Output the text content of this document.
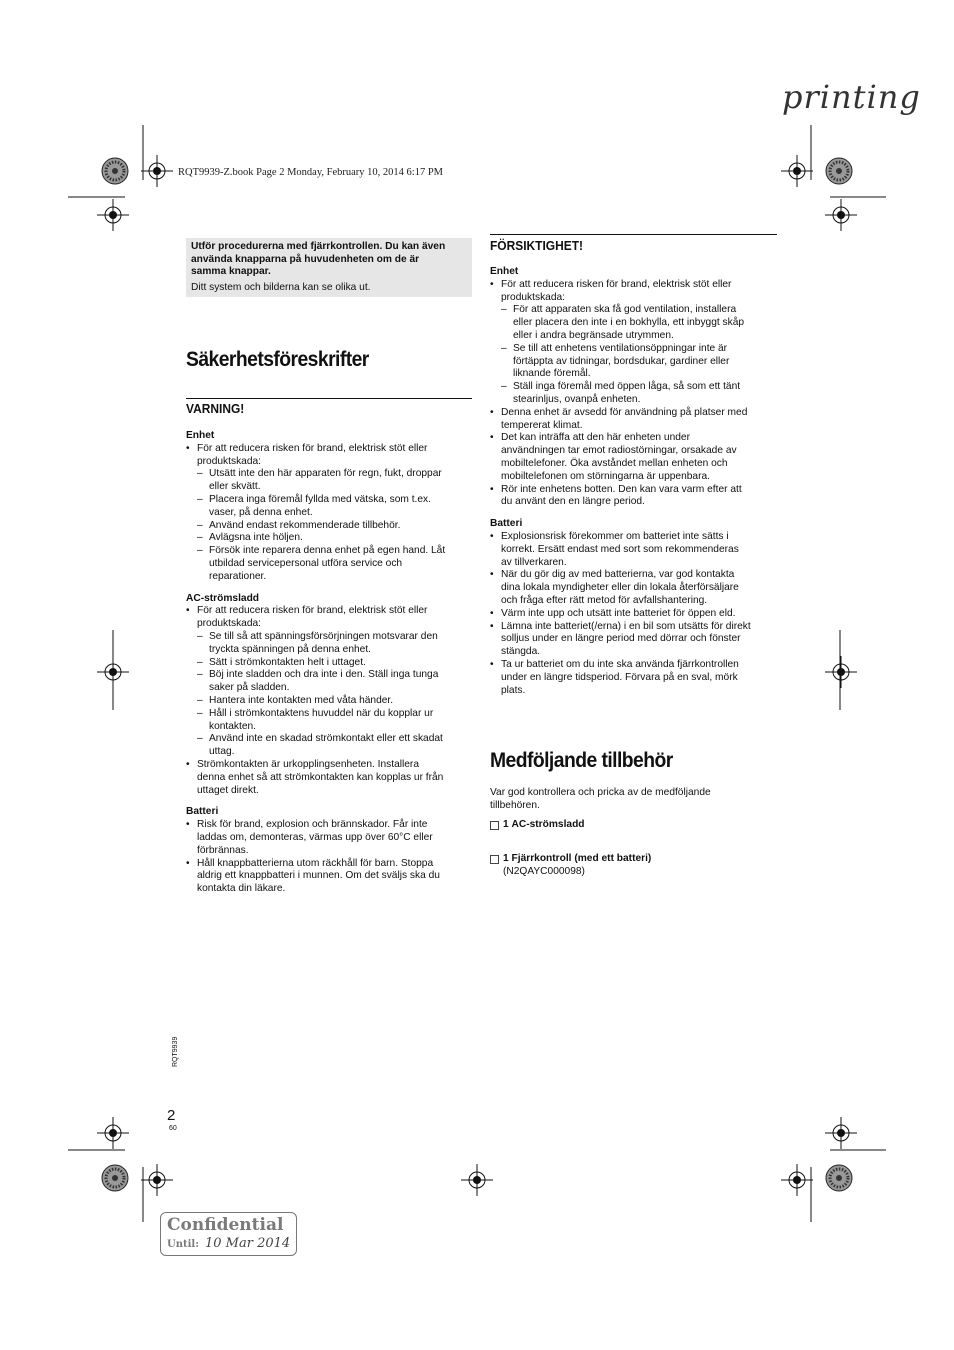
printing
RQT9939-Z.book Page 2 Monday, February 10, 2014 6:17 PM
Utför procedurerna med fjärrkontrollen. Du kan även
använda knapparna på huvudenheten om de är
samma knappar.
Ditt system och bilderna kan se olika ut.
Säkerhetsföreskrifter
VARNING!
Enhet
• För att reducera risken för brand, elektrisk stöt eller
produktskada:
– Utsätt inte den här apparaten för regn, fukt, droppar
eller skvätt.
– Placera inga föremål fyllda med vätska, som t.ex.
vaser, på denna enhet.
– Använd endast rekommenderade tillbehör.
– Avlägsna inte höljen.
– Försök inte reparera denna enhet på egen hand. Låt
utbildad servicepersonal utföra service och
reparationer.
AC-strömsladd
• För att reducera risken för brand, elektrisk stöt eller
produktskada:
– Se till så att spänningsförsörjningen motsvarar den
tryckta spänningen på denna enhet.
– Sätt i strömkontakten helt i uttaget.
– Böj inte sladden och dra inte i den. Ställ inga tunga
saker på sladden.
– Hantera inte kontakten med våta händer.
– Håll i strömkontaktens huvuddel när du kopplar ur
kontakten.
– Använd inte en skadad strömkontakt eller ett skadat
uttag.
• Strömkontakten är urkopplingsenheten. Installera
denna enhet så att strömkontakten kan kopplas ur från
uttaget direkt.
Batteri
• Risk för brand, explosion och brännskador. Får inte
laddas om, demonteras, värmas upp över 60°C eller
förbrännas.
• Håll knappbatterierna utom räckhåll för barn. Stoppa
aldrig ett knappbatteri i munnen. Om det sväljs ska du
kontakta din läkare.
FÖRSIKTIGHET!
Enhet
• För att reducera risken för brand, elektrisk stöt eller
produktskada:
– För att apparaten ska få god ventilation, installera
eller placera den inte i en bokhylla, ett inbyggt skåp
eller i andra begränsade utrymmen.
– Se till att enhetens ventilationsöppningar inte är
förtäppta av tidningar, bordsdukar, gardiner eller
liknande föremål.
– Ställ inga föremål med öppen låga, så som ett tänt
stearinljus, ovanpå enheten.
• Denna enhet är avsedd för användning på platser med
tempererat klimat.
• Det kan inträffa att den här enheten under
användningen tar emot radiostörningar, orsakade av
mobiltelefoner. Öka avståndet mellan enheten och
mobiltelefonen om störningarna är uppenbara.
• Rör inte enhetens botten. Den kan vara varm efter att
du använt den en längre period.
Batteri
• Explosionsrisk förekommer om batteriet inte sätts i
korrekt. Ersätt endast med sort som rekommenderas
av tillverkaren.
• När du gör dig av med batterierna, var god kontakta
dina lokala myndigheter eller din lokala återförsäljare
och fråga efter rätt metod för avfallshantering.
• Värm inte upp och utsätt inte batteriet för öppen eld.
• Lämna inte batteriet(/erna) i en bil som utsätts för direkt
solljus under en längre period med dörrar och fönster
stängda.
• Ta ur batteriet om du inte ska använda fjärrkontrollen
under en längre tidsperiod. Förvara på en sval, mörk
plats.
Medföljande tillbehör
Var god kontrollera och pricka av de medföljande
tillbehören.
1 AC-strömsladd
1 Fjärrkontroll (med ett batteri)
(N2QAYC000098)
RQT9939
2
60
Confidential
Until: 10 Mar 2014
